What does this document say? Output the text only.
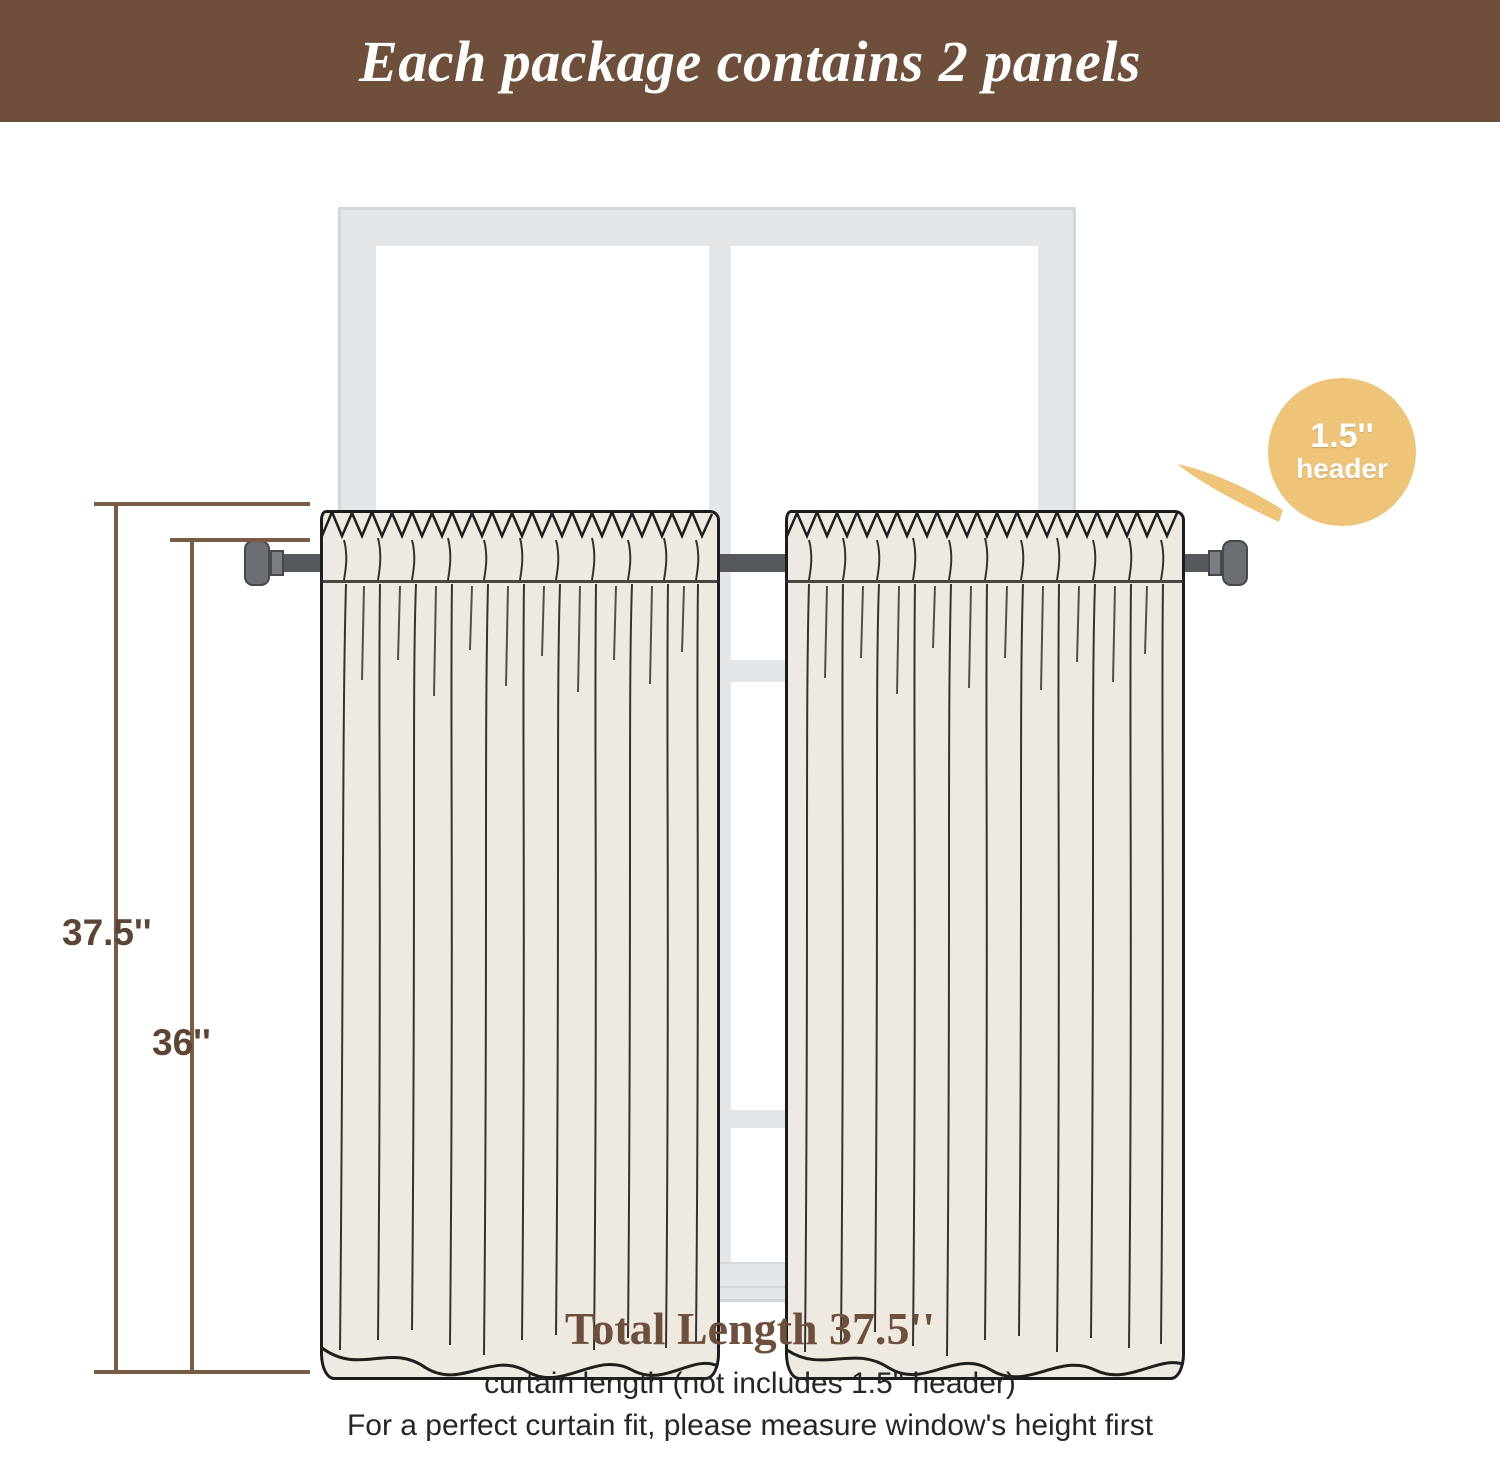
Each package contains 2 panels
1.5''
header
37.5''
36''
Total Length 37.5''
curtain length (not includes 1.5'' header)
For a perfect curtain fit, please measure window's height first
